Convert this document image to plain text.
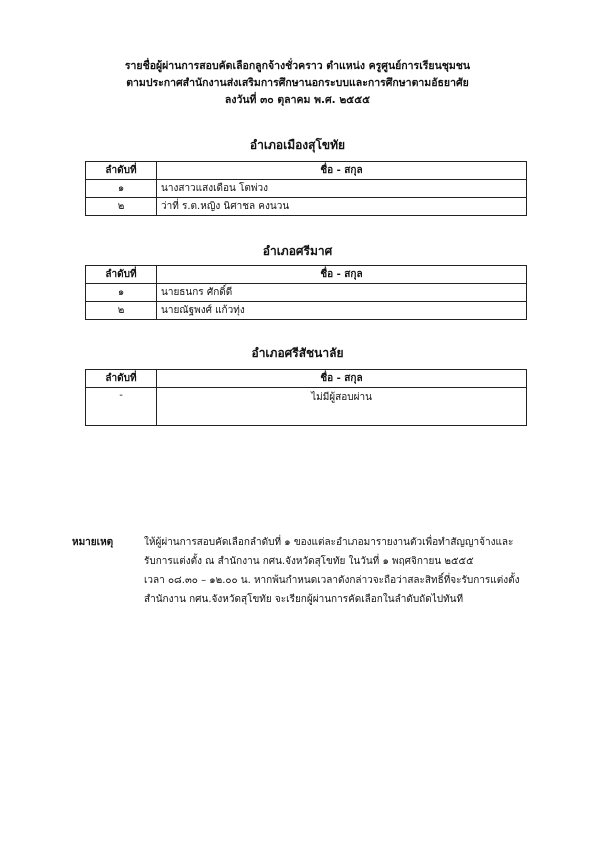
รายชื่อผู้ผ่านการสอบคัดเลือกลูกจ้างชั่วคราว ตำแหน่ง ครูศูนย์การเรียนชุมชน
ตามประกาศสำนักงานส่งเสริมการศึกษานอกระบบและการศึกษาตามอัธยาศัย
ลงวันที่ ๓๐ ตุลาคม พ.ศ. ๒๕๕๕
อำเภอเมืองสุโขทัย
ลำดับที่	ชื่อ - สกุล
๑	นางสาวแสงเดือน โตพ่วง
๒	ว่าที่ ร.ต.หญิง นิศาชล คงนวน
อำเภอศรีมาศ
ลำดับที่	ชื่อ - สกุล
๑	นายธนกร ศักดิ์ดี
๒	นายณัฐพงศ์ แก้วทุ่ง
อำเภอศรีสัชนาลัย
ลำดับที่	ชื่อ - สกุล
-	ไม่มีผู้สอบผ่าน
หมายเหตุ	ให้ผู้ผ่านการสอบคัดเลือกลำดับที่ ๑ ของแต่ละอำเภอมารายงานตัวเพื่อทำสัญญาจ้างและ
รับการแต่งตั้ง ณ สำนักงาน กศน.จังหวัดสุโขทัย ในวันที่ ๑ พฤศจิกายน ๒๕๕๕
เวลา ๐๘.๓๐ – ๑๒.๐๐ น. หากพ้นกำหนดเวลาดังกล่าวจะถือว่าสละสิทธิ์ที่จะรับการแต่งตั้ง
สำนักงาน กศน.จังหวัดสุโขทัย จะเรียกผู้ผ่านการคัดเลือกในลำดับถัดไปทันที
